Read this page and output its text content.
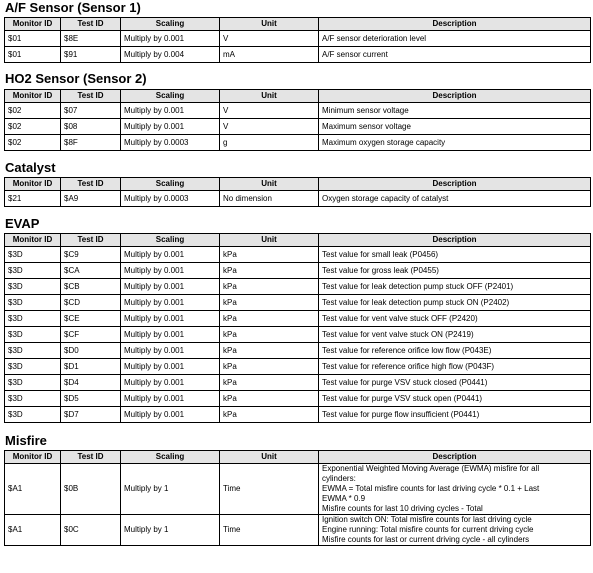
A/F Sensor (Sensor 1)
Monitor ID	Test ID	Scaling	Unit	Description
$01	$8E	Multiply by 0.001	V	A/F sensor deterioration level
$01	$91	Multiply by 0.004	mA	A/F sensor current
HO2 Sensor (Sensor 2)
Monitor ID	Test ID	Scaling	Unit	Description
$02	$07	Multiply by 0.001	V	Minimum sensor voltage
$02	$08	Multiply by 0.001	V	Maximum sensor voltage
$02	$8F	Multiply by 0.0003	g	Maximum oxygen storage capacity
Catalyst
Monitor ID	Test ID	Scaling	Unit	Description
$21	$A9	Multiply by 0.0003	No dimension	Oxygen storage capacity of catalyst
EVAP
Monitor ID	Test ID	Scaling	Unit	Description
$3D	$C9	Multiply by 0.001	kPa	Test value for small leak (P0456)
$3D	$CA	Multiply by 0.001	kPa	Test value for gross leak (P0455)
$3D	$CB	Multiply by 0.001	kPa	Test value for leak detection pump stuck OFF (P2401)
$3D	$CD	Multiply by 0.001	kPa	Test value for leak detection pump stuck ON (P2402)
$3D	$CE	Multiply by 0.001	kPa	Test value for vent valve stuck OFF (P2420)
$3D	$CF	Multiply by 0.001	kPa	Test value for vent valve stuck ON (P2419)
$3D	$D0	Multiply by 0.001	kPa	Test value for reference orifice low flow (P043E)
$3D	$D1	Multiply by 0.001	kPa	Test value for reference orifice high flow (P043F)
$3D	$D4	Multiply by 0.001	kPa	Test value for purge VSV stuck closed (P0441)
$3D	$D5	Multiply by 0.001	kPa	Test value for purge VSV stuck open (P0441)
$3D	$D7	Multiply by 0.001	kPa	Test value for purge flow insufficient (P0441)
Misfire
Monitor ID	Test ID	Scaling	Unit	Description
$A1	$0B	Multiply by 1	Time	Exponential Weighted Moving Average (EWMA) misfire for all
cylinders:
EWMA = Total misfire counts for last driving cycle * 0.1 + Last
EWMA * 0.9
Misfire counts for last 10 driving cycles - Total

$A1	$0C	Multiply by 1	Time	Ignition switch ON: Total misfire counts for last driving cycle
Engine running: Total misfire counts for current driving cycle
Misfire counts for last or current driving cycle - all cylinders
